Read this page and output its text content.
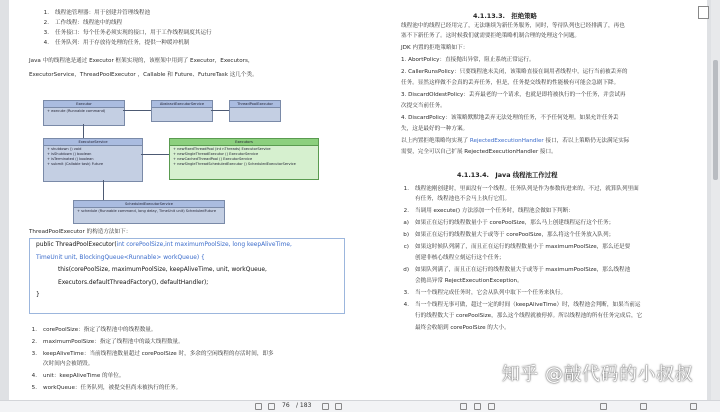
1. 线程池管理器：用于创建并管理线程池
2. 工作线程：线程池中的线程
3. 任务接口：每个任务必须实现的接口，用于工作线程调度其运行
4. 任务队列：用于存放待处理的任务，提供一种缓冲机制
Java 中的线程池是通过 Executor 框架实现的，该框架中用到了 Executor，Executors，
ExecutorService，ThreadPoolExecutor ，Callable 和 Future、FutureTask 这几个类。
Executor
+ execute (Runnable command)
ExecutorService
+ shutdown () void
+ isShutdown () boolean
+ isTerminated () boolean
+ submit (Callable task) Future
AbstractExecutorService	ThreadPoolExecutor
Executors
+ newFixedThreadPool (int nThreads) ExecutorService
+ newSingleThreadExecutor () ExecutorService
+ newCachedThreadPool () ExecutorService
+ newSingleThreadScheduledExecutor () ScheduledExecutorService
ScheduledExecutorService
+ schedule (Runnable command, long delay, TimeUnit unit) ScheduledFuture
ThreadPoolExecutor 的构造方法如下：
public ThreadPoolExecutor(int corePoolSize,int maximumPoolSize, long keepAliveTime,
TimeUnit unit, BlockingQueue<Runnable> workQueue) {
this(corePoolSize, maximumPoolSize, keepAliveTime, unit, workQueue,
Executors.defaultThreadFactory(), defaultHandler);
}
1. corePoolSize：指定了线程池中的线程数量。
2. maximumPoolSize：指定了线程池中的最大线程数量。
3. keepAliveTime：当前线程池数量超过 corePoolSize 时，多余的空闲线程的存活时间，即多
次时间内会被销毁。
4. unit：keepAliveTime 的单位。
5. workQueue：任务队列，被提交但尚未被执行的任务。
4.1.13.3.　拒绝策略
线程池中的线程已经用完了，无法继续为新任务服务，同时，等待队列也已经排满了，再也
塞不下新任务了。这时候我们就需要拒绝策略机制合理的处理这个问题。
JDK 内置的拒绝策略如下：
1. AbortPolicy：直接抛出异常，阻止系统正常运行。
2. CallerRunsPolicy：只要线程池未关闭，该策略直接在调用者线程中，运行当前被丢弃的
任务。显然这样做不会真的丢弃任务，但是，任务提交线程的性能极有可能会急剧下降。
3. DiscardOldestPolicy：丢弃最老的一个请求，也就是即将被执行的一个任务，并尝试再
次提交当前任务。
4. DiscardPolicy：该策略默默地丢弃无法处理的任务，不予任何处理。如果允许任务丢
失，这是最好的一种方案。
以上内置拒绝策略均实现了 RejectedExecutionHandler 接口，若以上策略仍无法满足实际
需要，完全可以自己扩展 RejectedExecutionHandler 接口。
4.1.13.4.　Java 线程池工作过程
1. 线程池刚创建时，里面没有一个线程。任务队列是作为参数传进来的。不过，就算队列里面
有任务，线程池也不会马上执行它们。
2. 当调用 execute() 方法添加一个任务时，线程池会做如下判断：
a) 如果正在运行的线程数量小于 corePoolSize，那么马上创建线程运行这个任务；
b) 如果正在运行的线程数量大于或等于 corePoolSize，那么将这个任务放入队列；
c) 如果这时候队列满了，而且正在运行的线程数量小于 maximumPoolSize，那么还是要
创建非核心线程立刻运行这个任务；
d) 如果队列满了，而且正在运行的线程数量大于或等于 maximumPoolSize，那么线程池
会抛出异常 RejectExecutionException。
3. 当一个线程完成任务时，它会从队列中取下一个任务来执行。
4. 当一个线程无事可做，超过一定的时间（keepAliveTime）时，线程池会判断，如果当前运
行的线程数大于 corePoolSize，那么这个线程就被停掉。所以线程池的所有任务完成后，它
最终会收缩到 corePoolSize 的大小。
知乎 @敲代码的小叔叔
76 / 183
